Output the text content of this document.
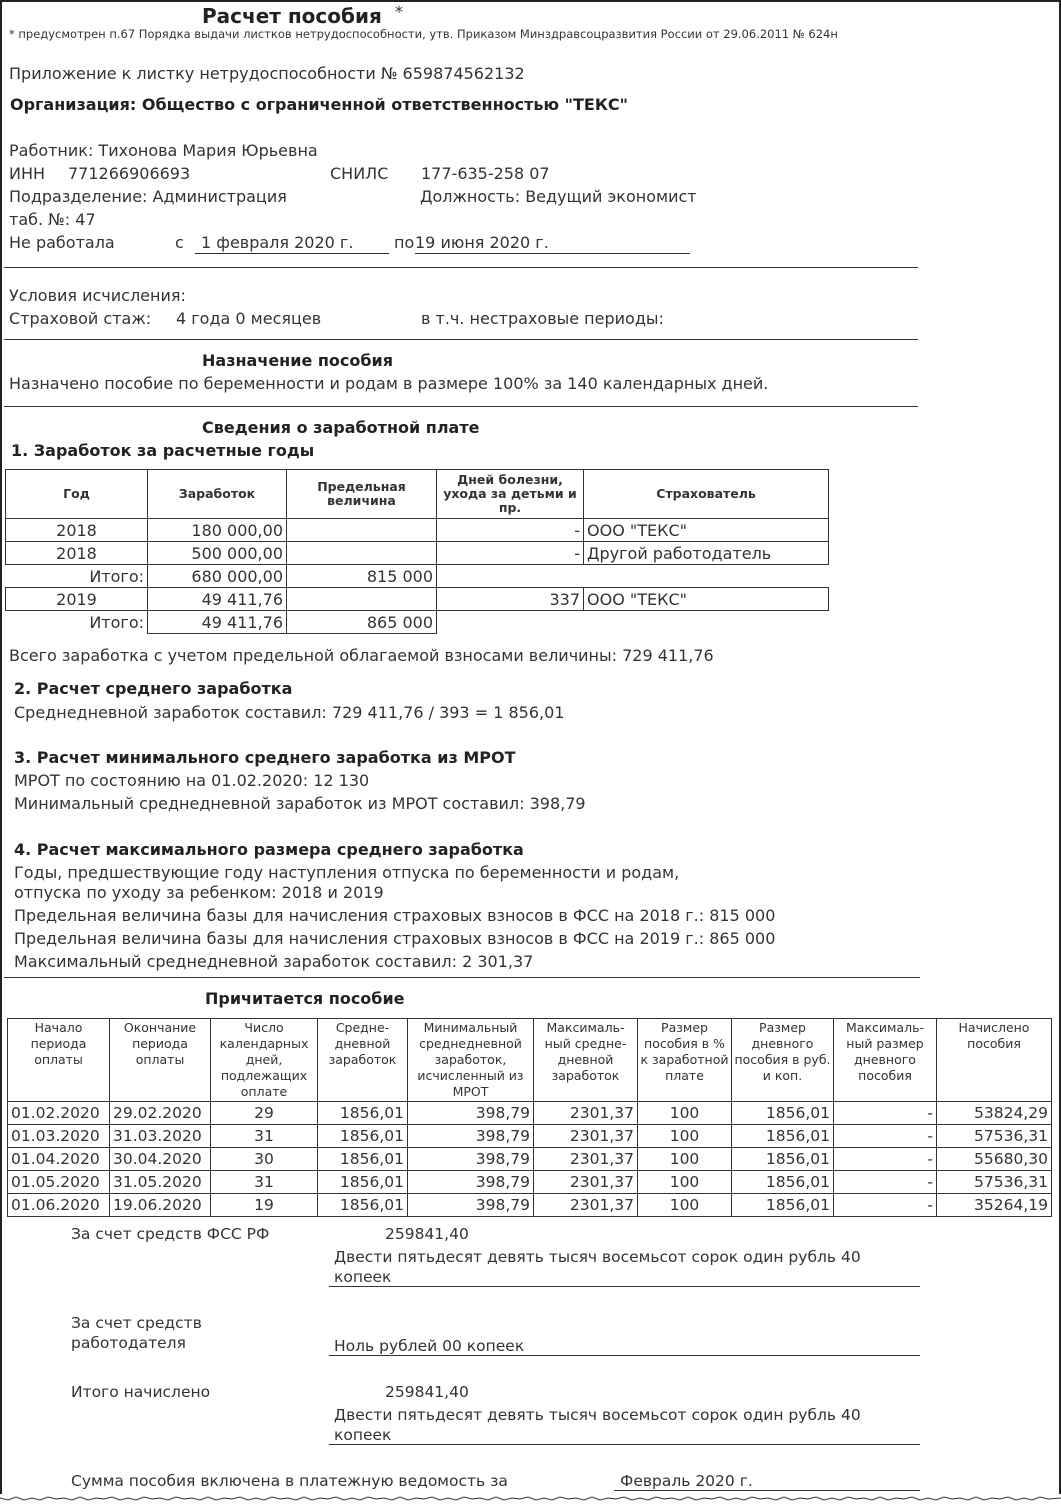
Расчет пособия *
* предусмотрен п.67 Порядка выдачи листков нетрудоспособности, утв. Приказом Минздравсоцразвития России от 29.06.2011 № 624н
Приложение к листку нетрудоспособности № 659874562132
Организация: Общество с ограниченной ответственностью "ТЕКС"
Работник: Тихонова Мария Юрьевна
ИНН 771266906693	СНИЛС 177-635-258 07
Подразделение: Администрация	Должность: Ведущий экономист
таб. №: 47
Не работала	с	1 февраля 2020 г.	по 19 июня 2020 г.
Условия исчисления:
Страховой стаж: 4 года 0 месяцев	в т.ч. нестраховые периоды:
Назначение пособия
Назначено пособие по беременности и родам в размере 100% за 140 календарных дней.
Сведения о заработной плате
1. Заработок за расчетные годы
Год	Заработок	Предельная величина	Дней болезни, ухода за детьми и пр.	Страхователь
2018	180 000,00		-	ООО "ТЕКС"
2018	500 000,00		-	Другой работодатель
Итого:	680 000,00	815 000		
2019	49 411,76		337	ООО "ТЕКС"
Итого:	49 411,76	865 000		
Всего заработка с учетом предельной облагаемой взносами величины: 729 411,76
2. Расчет среднего заработка
Среднедневной заработок составил: 729 411,76 / 393 = 1 856,01
3. Расчет минимального среднего заработка из МРОТ
МРОТ по состоянию на 01.02.2020: 12 130
Минимальный среднедневной заработок из МРОТ составил: 398,79
4. Расчет максимального размера среднего заработка
Годы, предшествующие году наступления отпуска по беременности и родам,
отпуска по уходу за ребенком: 2018 и 2019
Предельная величина базы для начисления страховых взносов в ФСС на 2018 г.: 815 000
Предельная величина базы для начисления страховых взносов в ФСС на 2019 г.: 865 000
Максимальный среднедневной заработок составил: 2 301,37
Причитается пособие
Начало периода оплаты	Окончание периода оплаты	Число календарных дней, подлежащих оплате	Средне-дневной заработок	Минимальный среднедневной заработок, исчисленный из МРОТ	Максималь-ный средне-дневной заработок	Размер пособия в % к заработной плате	Размер дневного пособия в руб. и коп.	Максималь-ный размер дневного пособия	Начислено пособия
01.02.2020	29.02.2020	29	1856,01	398,79	2301,37	100	1856,01	-	53824,29
01.03.2020	31.03.2020	31	1856,01	398,79	2301,37	100	1856,01	-	57536,31
01.04.2020	30.04.2020	30	1856,01	398,79	2301,37	100	1856,01	-	55680,30
01.05.2020	31.05.2020	31	1856,01	398,79	2301,37	100	1856,01	-	57536,31
01.06.2020	19.06.2020	19	1856,01	398,79	2301,37	100	1856,01	-	35264,19
За счет средств ФСС РФ	259841,40
Двести пятьдесят девять тысяч восемьсот сорок один рубль 40
копеек
За счет средств
работодателя	Ноль рублей 00 копеек
Итого начислено	259841,40
Двести пятьдесят девять тысяч восемьсот сорок один рубль 40
копеек
Сумма пособия включена в платежную ведомость за	Февраль 2020 г.
